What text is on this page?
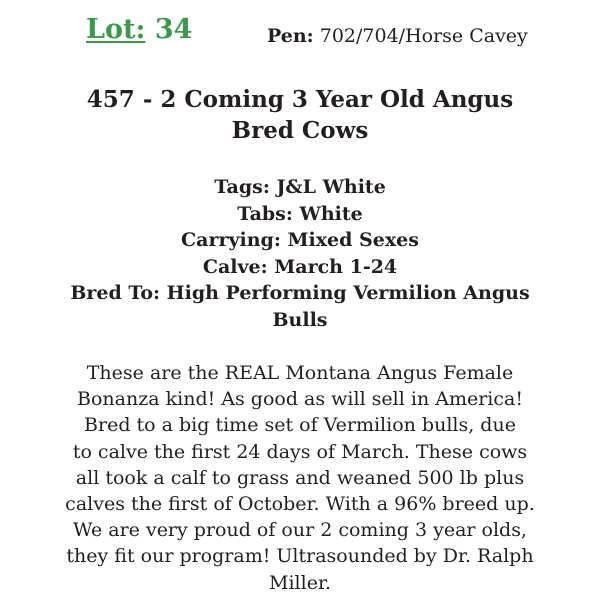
Lot: 34	Pen: 702/704/Horse Cavey
457 - 2 Coming 3 Year Old Angus
Bred Cows
Tags: J&L White
Tabs: White
Carrying: Mixed Sexes
Calve: March 1-24
Bred To: High Performing Vermilion Angus
Bulls
These are the REAL Montana Angus Female
Bonanza kind! As good as will sell in America!
Bred to a big time set of Vermilion bulls, due
to calve the first 24 days of March. These cows
all took a calf to grass and weaned 500 lb plus
calves the first of October. With a 96% breed up.
We are very proud of our 2 coming 3 year olds,
they fit our program! Ultrasounded by Dr. Ralph
Miller.
